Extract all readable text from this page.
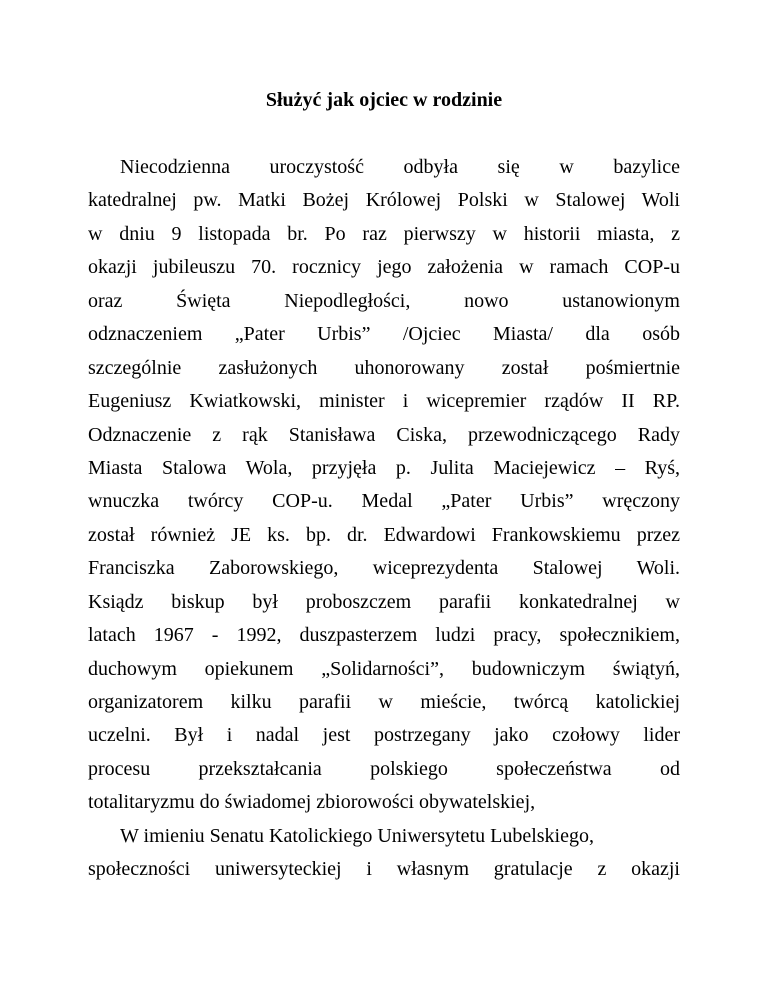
Służyć jak ojciec w rodzinie
Niecodzienna uroczystość odbyła się w bazylice
katedralnej pw. Matki Bożej Królowej Polski w Stalowej Woli
w dniu 9 listopada br. Po raz pierwszy w historii miasta, z
okazji jubileuszu 70. rocznicy jego założenia w ramach COP-u
oraz Święta Niepodległości, nowo ustanowionym
odznaczeniem „Pater Urbis” /Ojciec Miasta/ dla osób
szczególnie zasłużonych uhonorowany został pośmiertnie
Eugeniusz Kwiatkowski, minister i wicepremier rządów II RP.
Odznaczenie z rąk Stanisława Ciska, przewodniczącego Rady
Miasta Stalowa Wola, przyjęła p. Julita Maciejewicz – Ryś,
wnuczka twórcy COP-u. Medal „Pater Urbis” wręczony
został również JE ks. bp. dr. Edwardowi Frankowskiemu przez
Franciszka Zaborowskiego, wiceprezydenta Stalowej Woli.
Ksiądz biskup był proboszczem parafii konkatedralnej w
latach 1967 - 1992, duszpasterzem ludzi pracy, społecznikiem,
duchowym opiekunem „Solidarności”, budowniczym świątyń,
organizatorem kilku parafii w mieście, twórcą katolickiej
uczelni. Był i nadal jest postrzegany jako czołowy lider
procesu przekształcania polskiego społeczeństwa od
totalitaryzmu do świadomej zbiorowości obywatelskiej,
W imieniu Senatu Katolickiego Uniwersytetu Lubelskiego,
społeczności uniwersyteckiej i własnym gratulacje z okazji
